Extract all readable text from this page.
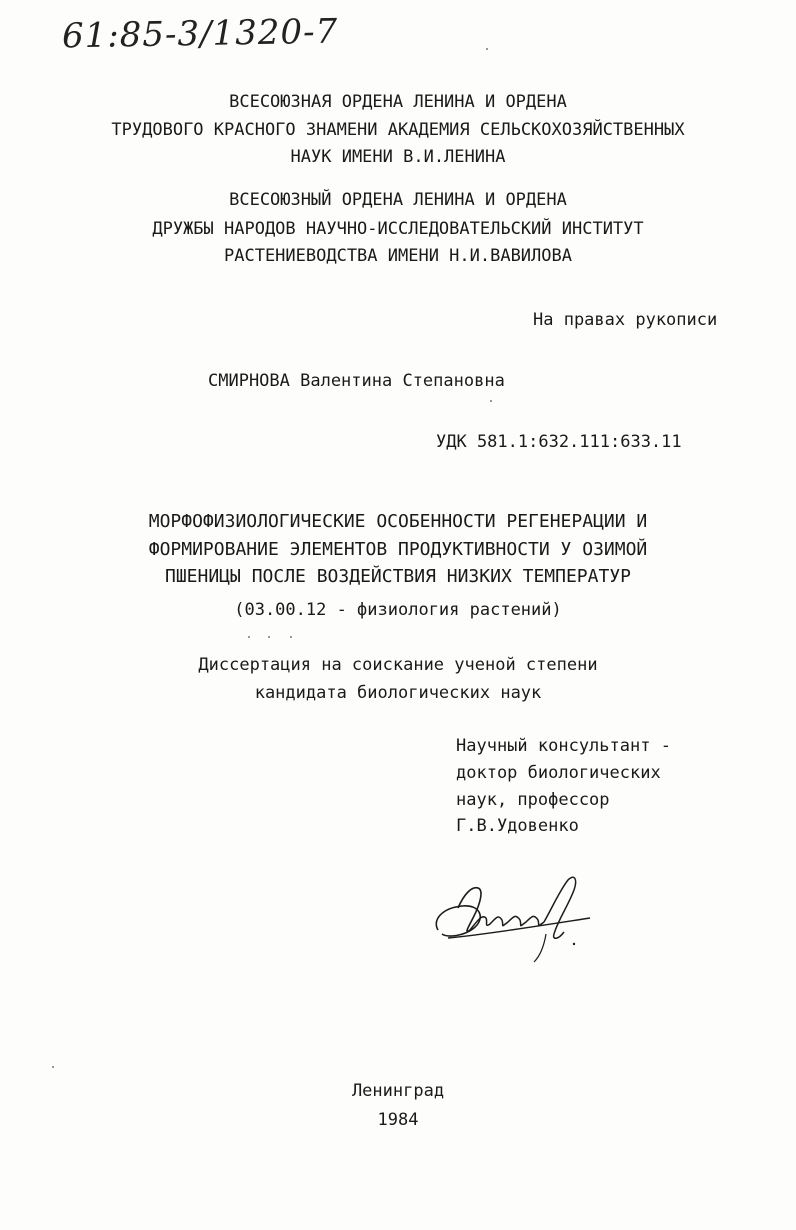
61:85-3/1320-7
ВСЕСОЮЗНАЯ ОРДЕНА ЛЕНИНА И ОРДЕНА
ТРУДОВОГО КРАСНОГО ЗНАМЕНИ АКАДЕМИЯ СЕЛЬСКОХОЗЯЙСТВЕННЫХ
НАУК ИМЕНИ В.И.ЛЕНИНА
ВСЕСОЮЗНЫЙ ОРДЕНА ЛЕНИНА И ОРДЕНА
ДРУЖБЫ НАРОДОВ НАУЧНО-ИССЛЕДОВАТЕЛЬСКИЙ ИНСТИТУТ
РАСТЕНИЕВОДСТВА ИМЕНИ Н.И.ВАВИЛОВА
На правах рукописи
СМИРНОВА Валентина Степановна
УДК 581.1:632.111:633.11
МОРФОФИЗИОЛОГИЧЕСКИЕ ОСОБЕННОСТИ РЕГЕНЕРАЦИИ И
ФОРМИРОВАНИЕ ЭЛЕМЕНТОВ ПРОДУКТИВНОСТИ У ОЗИМОЙ
ПШЕНИЦЫ ПОСЛЕ ВОЗДЕЙСТВИЯ НИЗКИХ ТЕМПЕРАТУР
(03.00.12 - физиология растений)
Диссертация на соискание ученой степени
кандидата биологических наук
Научный консультант -
доктор биологических
наук, профессор
Г.В.Удовенко
Ленинград
1984
